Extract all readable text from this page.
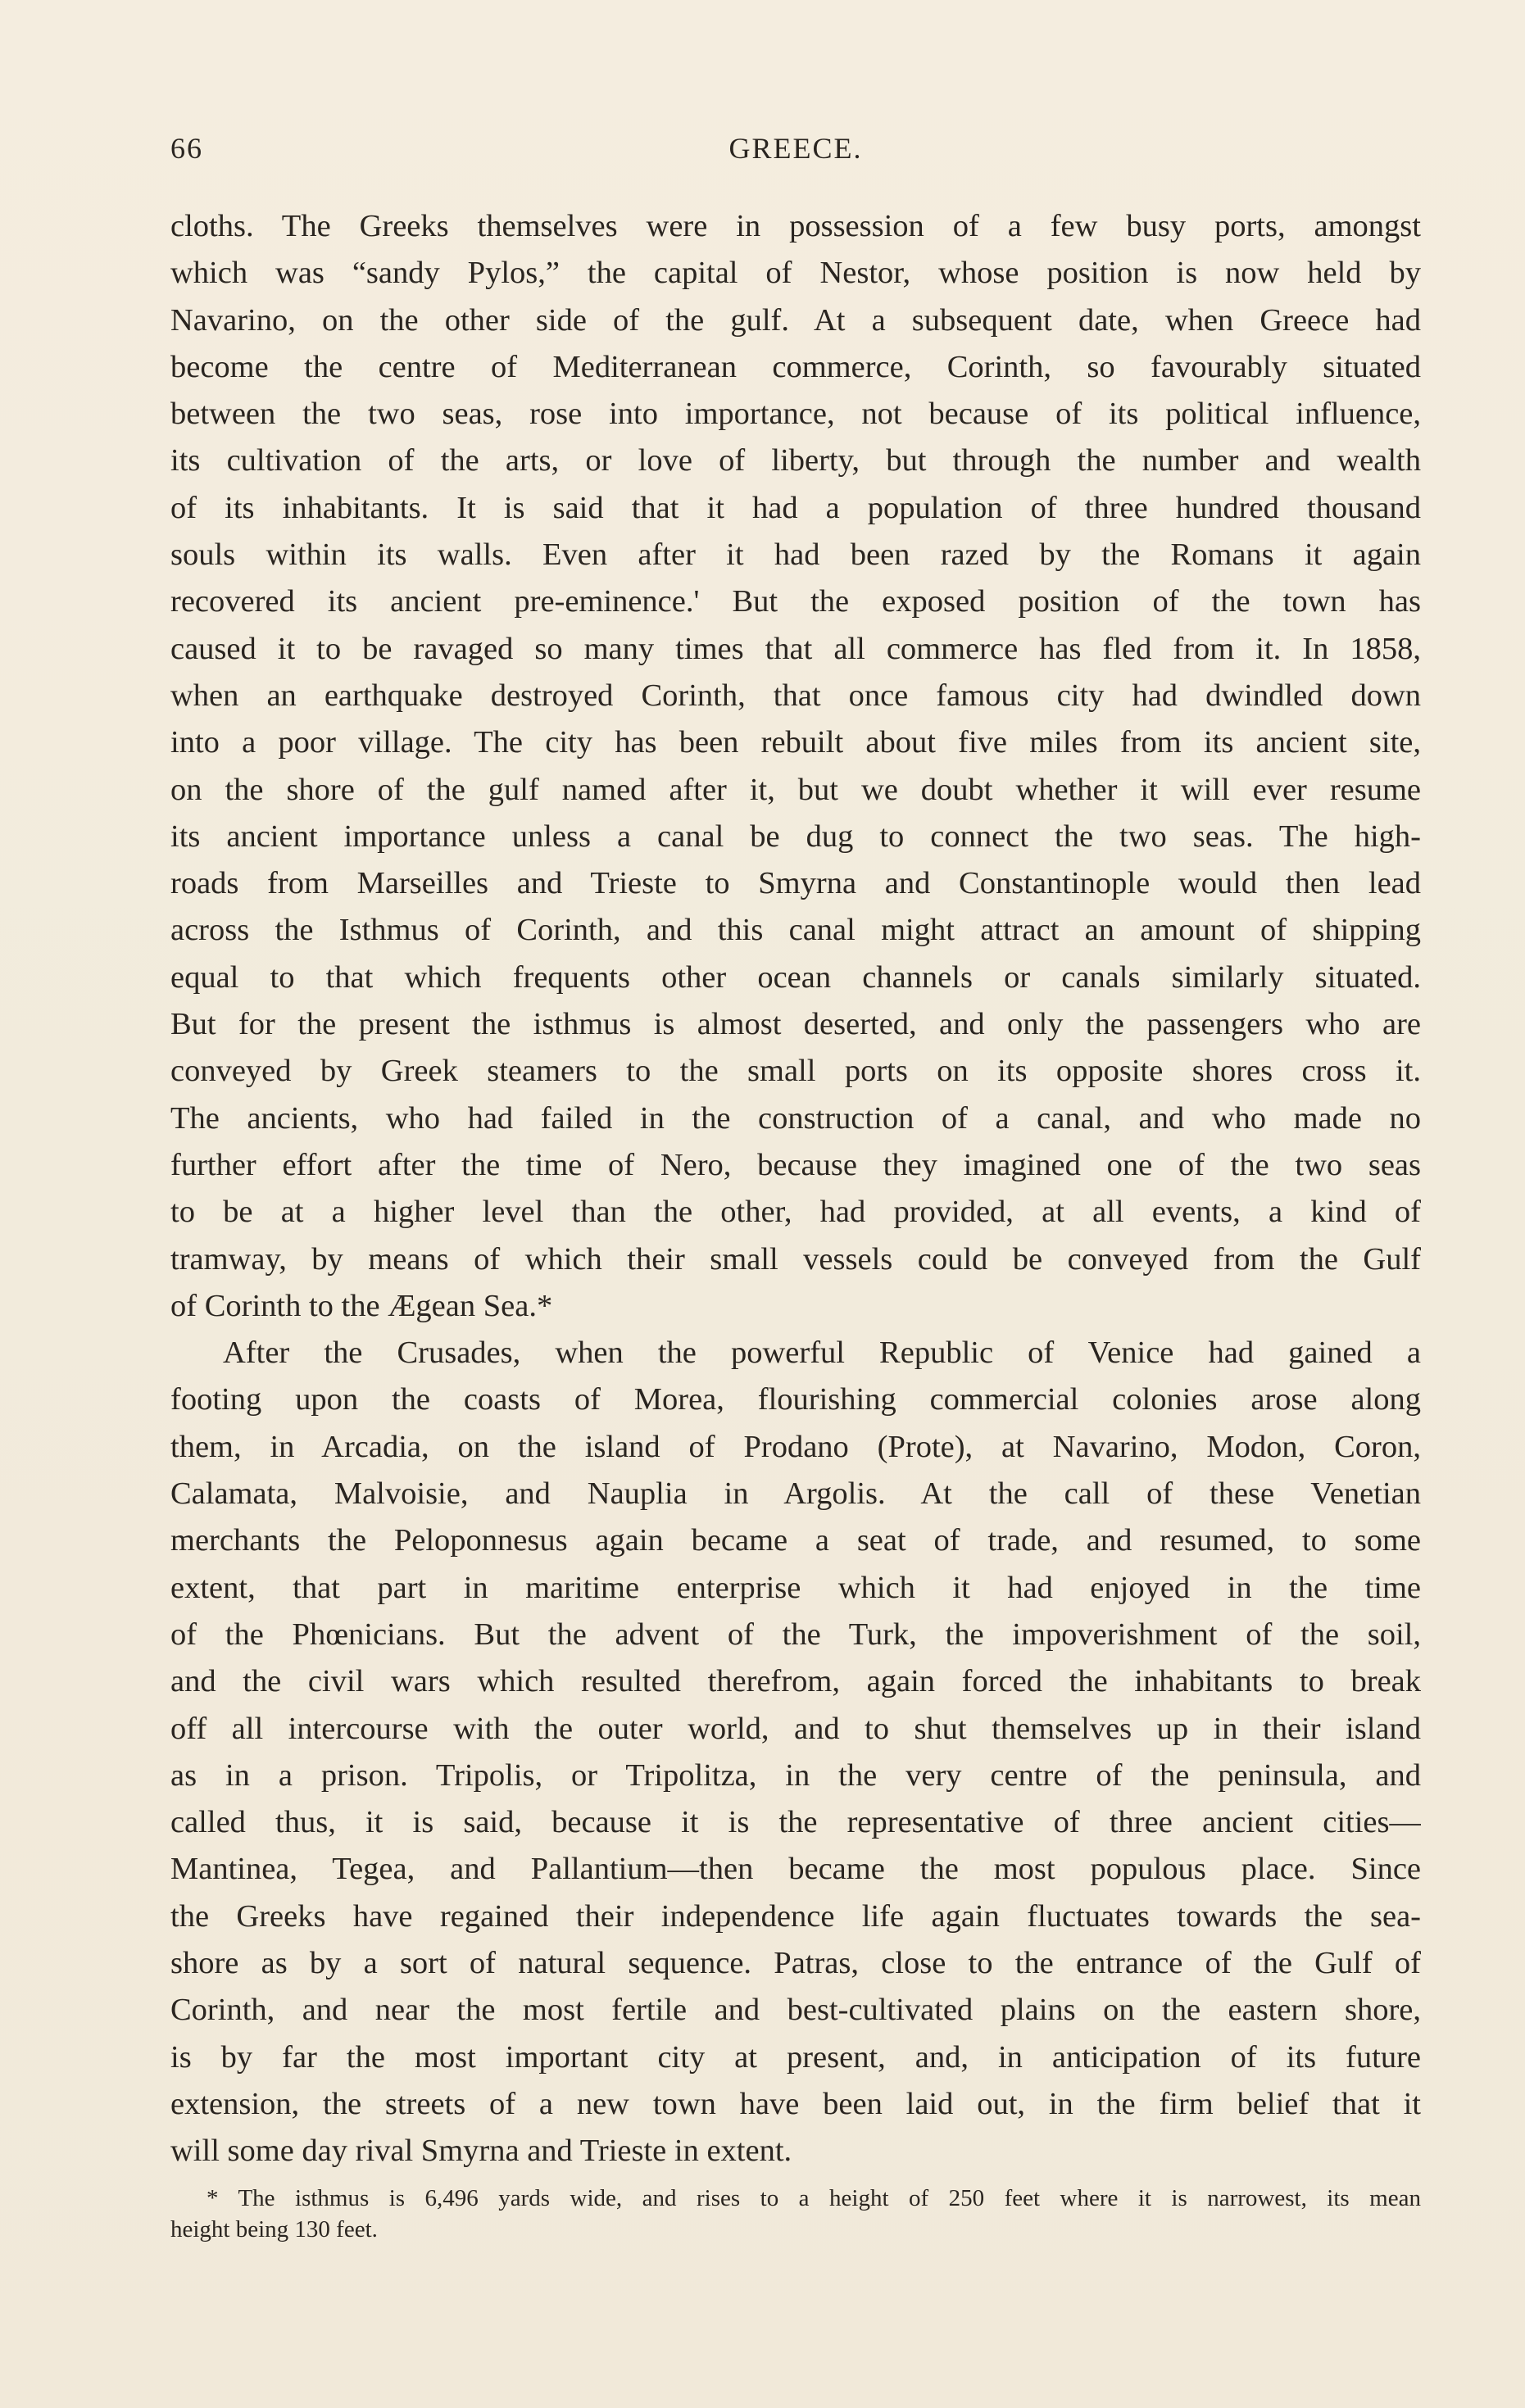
66	GREECE.
cloths. The Greeks themselves were in possession of a few busy ports, amongst
which was “sandy Pylos,” the capital of Nestor, whose position is now held by
Navarino, on the other side of the gulf. At a subsequent date, when Greece had
become the centre of Mediterranean commerce, Corinth, so favourably situated
between the two seas, rose into importance, not because of its political influence,
its cultivation of the arts, or love of liberty, but through the number and wealth
of its inhabitants. It is said that it had a population of three hundred thousand
souls within its walls. Even after it had been razed by the Romans it again
recovered its ancient pre-eminence.' But the exposed position of the town has
caused it to be ravaged so many times that all commerce has fled from it. In 1858,
when an earthquake destroyed Corinth, that once famous city had dwindled down
into a poor village. The city has been rebuilt about five miles from its ancient site,
on the shore of the gulf named after it, but we doubt whether it will ever resume
its ancient importance unless a canal be dug to connect the two seas. The high-
roads from Marseilles and Trieste to Smyrna and Constantinople would then lead
across the Isthmus of Corinth, and this canal might attract an amount of shipping
equal to that which frequents other ocean channels or canals similarly situated.
But for the present the isthmus is almost deserted, and only the passengers who are
conveyed by Greek steamers to the small ports on its opposite shores cross it.
The ancients, who had failed in the construction of a canal, and who made no
further effort after the time of Nero, because they imagined one of the two seas
to be at a higher level than the other, had provided, at all events, a kind of
tramway, by means of which their small vessels could be conveyed from the Gulf
of Corinth to the Ægean Sea.*
After the Crusades, when the powerful Republic of Venice had gained a
footing upon the coasts of Morea, flourishing commercial colonies arose along
them, in Arcadia, on the island of Prodano (Prote), at Navarino, Modon, Coron,
Calamata, Malvoisie, and Nauplia in Argolis. At the call of these Venetian
merchants the Peloponnesus again became a seat of trade, and resumed, to some
extent, that part in maritime enterprise which it had enjoyed in the time
of the Phœnicians. But the advent of the Turk, the impoverishment of the soil,
and the civil wars which resulted therefrom, again forced the inhabitants to break
off all intercourse with the outer world, and to shut themselves up in their island
as in a prison. Tripolis, or Tripolitza, in the very centre of the peninsula, and
called thus, it is said, because it is the representative of three ancient cities—
Mantinea, Tegea, and Pallantium—then became the most populous place. Since
the Greeks have regained their independence life again fluctuates towards the sea-
shore as by a sort of natural sequence. Patras, close to the entrance of the Gulf of
Corinth, and near the most fertile and best-cultivated plains on the eastern shore,
is by far the most important city at present, and, in anticipation of its future
extension, the streets of a new town have been laid out, in the firm belief that it
will some day rival Smyrna and Trieste in extent.
* The isthmus is 6,496 yards wide, and rises to a height of 250 feet where it is narrowest, its mean
height being 130 feet.
